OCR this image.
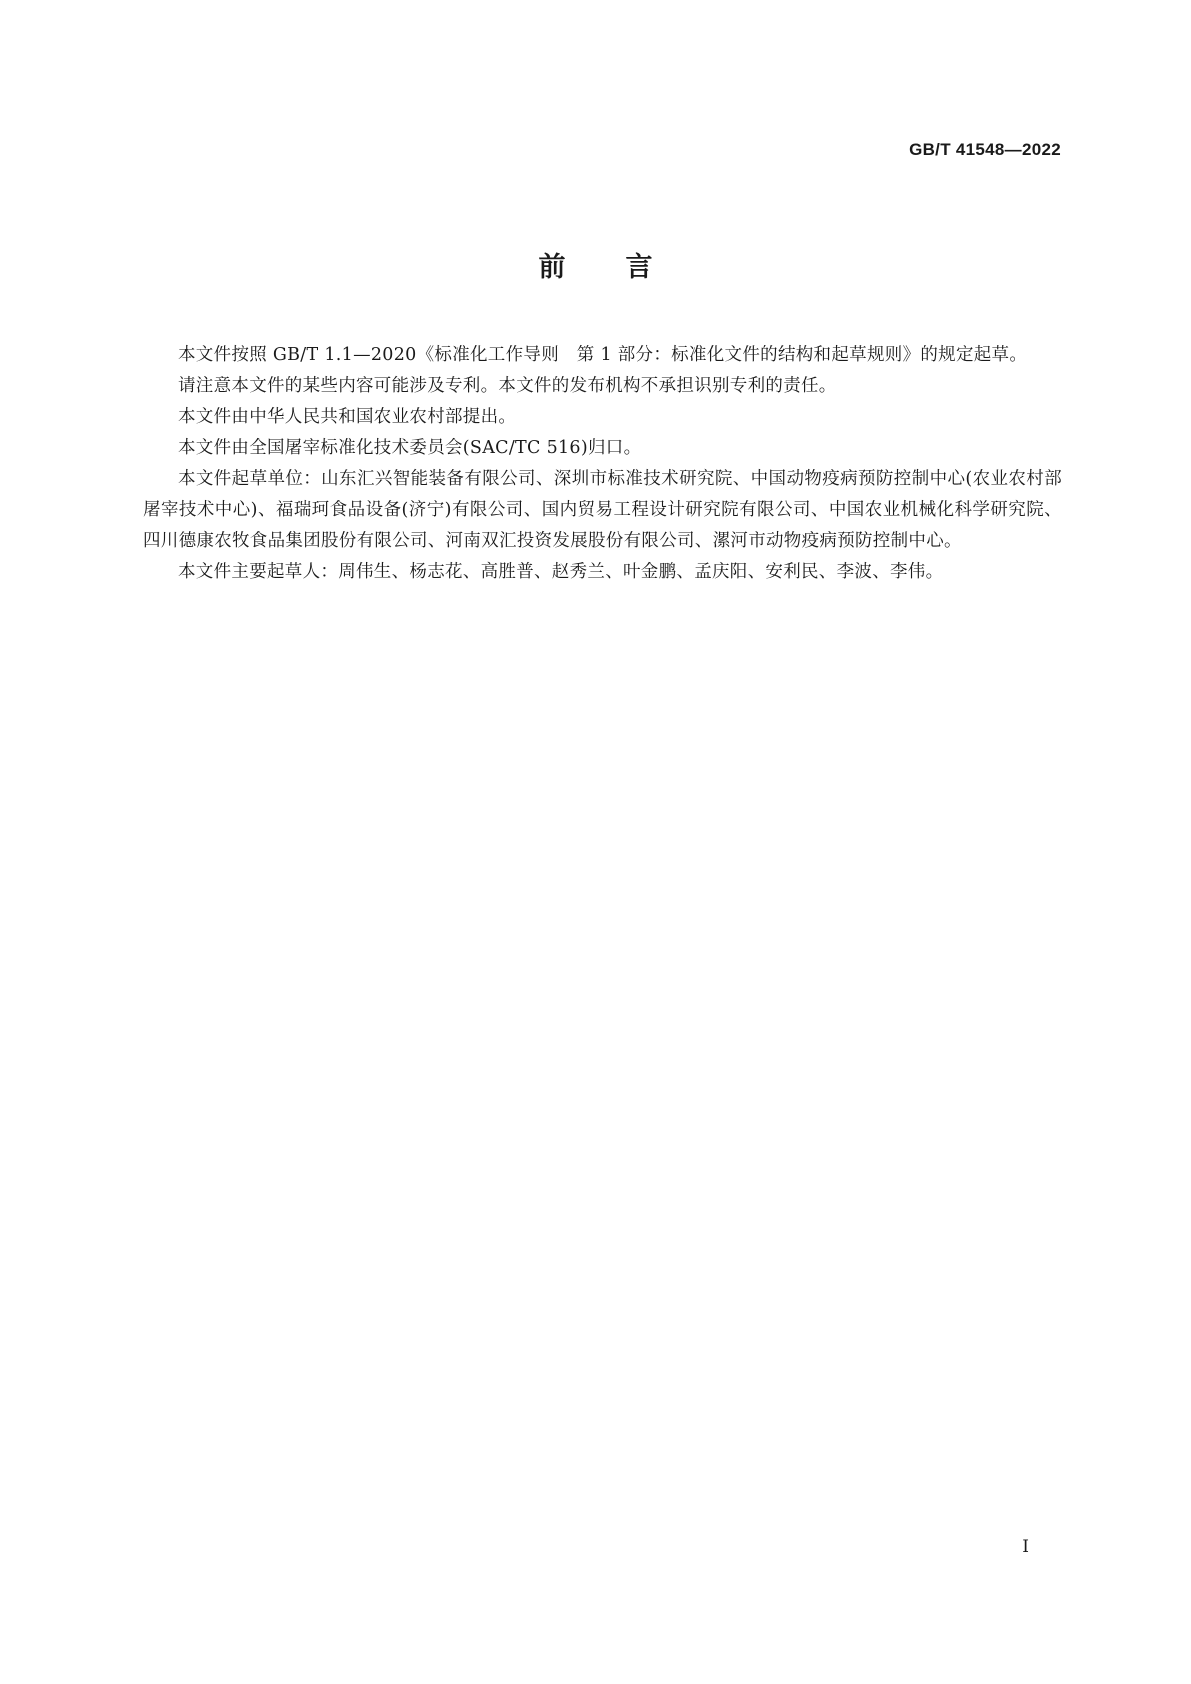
GB/T 41548—2022
前言

本文件按照 GB/T 1.1—2020《标准化工作导则　第 1 部分：标准化文件的结构和起草规则》的规定起草。

请注意本文件的某些内容可能涉及专利。本文件的发布机构不承担识别专利的责任。

本文件由中华人民共和国农业农村部提出。

本文件由全国屠宰标准化技术委员会(SAC/TC 516)归口。

本文件起草单位：山东汇兴智能装备有限公司、深圳市标准技术研究院、中国动物疫病预防控制中心(农业农村部屠宰技术中心)、福瑞珂食品设备(济宁)有限公司、国内贸易工程设计研究院有限公司、中国农业机械化科学研究院、四川德康农牧食品集团股份有限公司、河南双汇投资发展股份有限公司、漯河市动物疫病预防控制中心。

本文件主要起草人：周伟生、杨志花、高胜普、赵秀兰、叶金鹏、孟庆阳、安利民、李波、李伟。

I
